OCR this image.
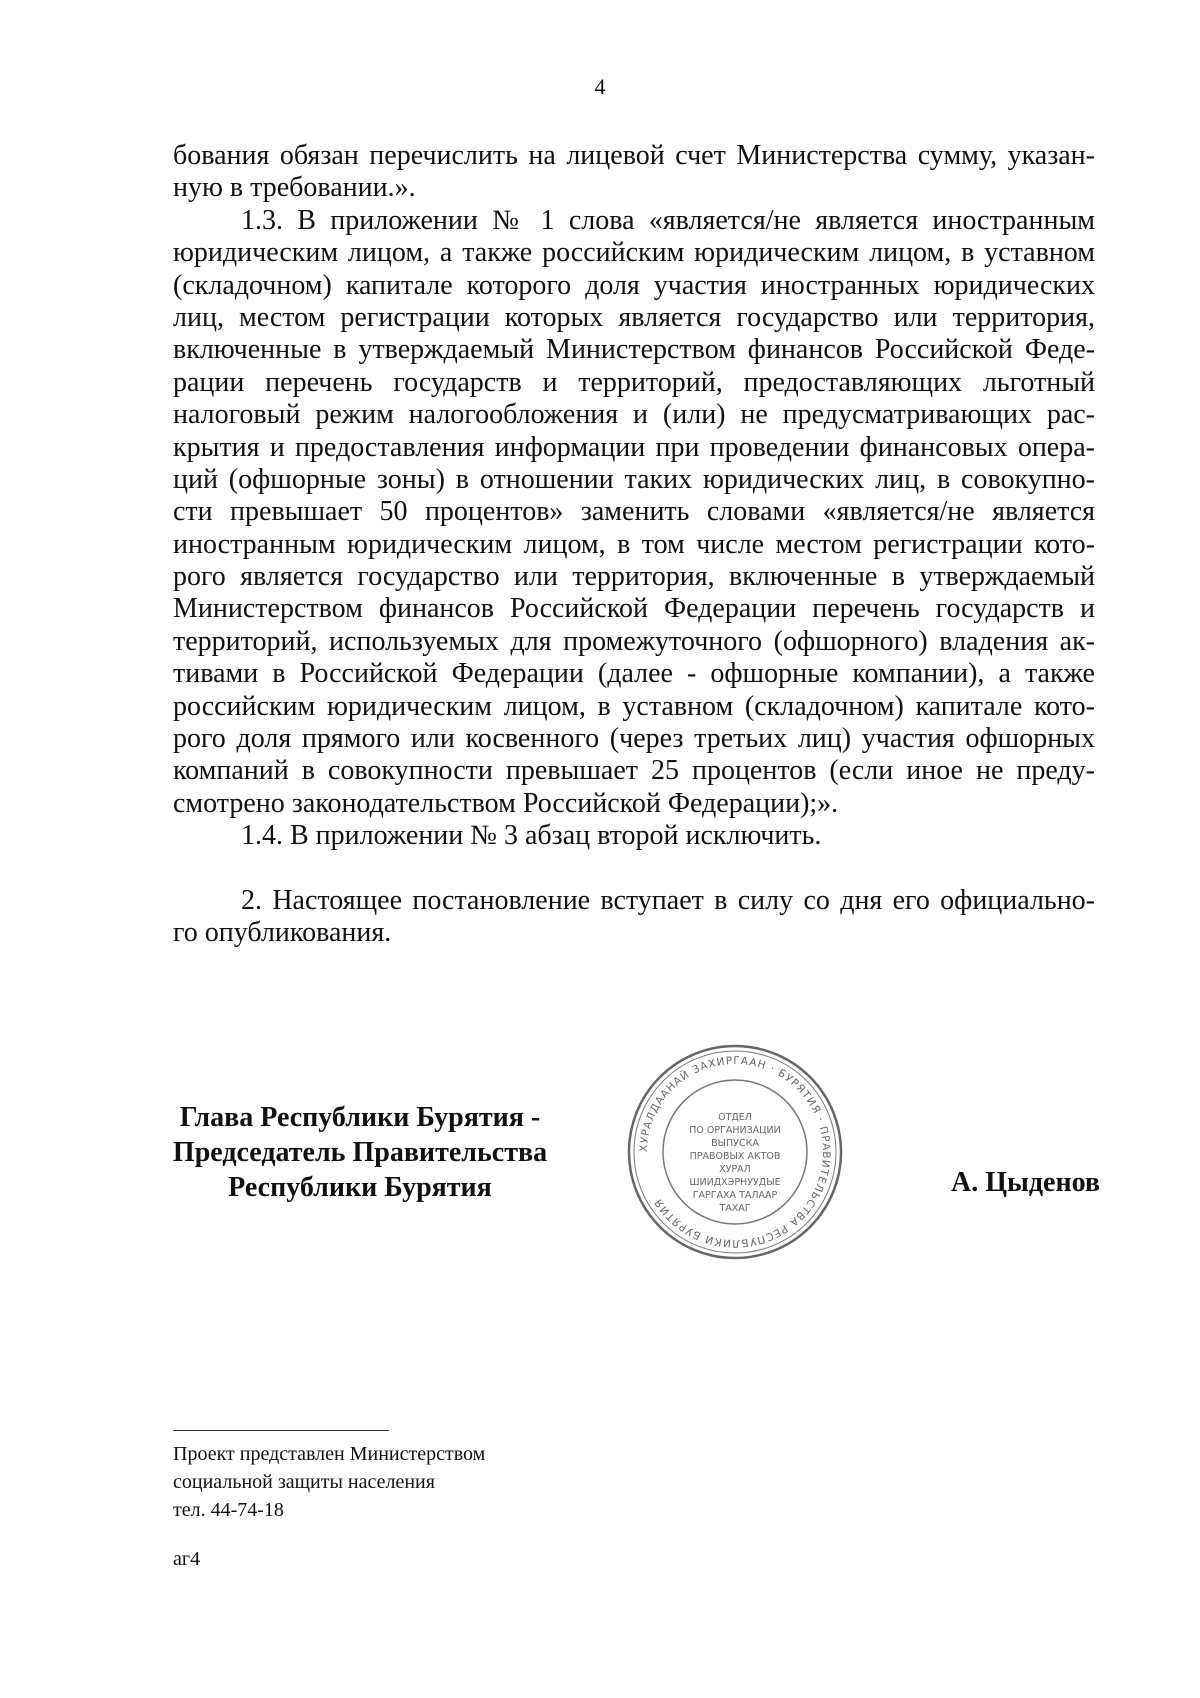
4
бования обязан перечислить на лицевой счет Министерства сумму, указан-
ную в требовании.».
1.3. В приложении № 1 слова «является/не является иностранным
юридическим лицом, а также российским юридическим лицом, в уставном
(складочном) капитале которого доля участия иностранных юридических
лиц, местом регистрации которых является государство или территория,
включенные в утверждаемый Министерством финансов Российской Феде-
рации перечень государств и территорий, предоставляющих льготный
налоговый режим налогообложения и (или) не предусматривающих рас-
крытия и предоставления информации при проведении финансовых опера-
ций (офшорные зоны) в отношении таких юридических лиц, в совокупно-
сти превышает 50 процентов» заменить словами «является/не является
иностранным юридическим лицом, в том числе местом регистрации кото-
рого является государство или территория, включенные в утверждаемый
Министерством финансов Российской Федерации перечень государств и
территорий, используемых для промежуточного (офшорного) владения ак-
тивами в Российской Федерации (далее - офшорные компании), а также
российским юридическим лицом, в уставном (складочном) капитале кото-
рого доля прямого или косвенного (через третьих лиц) участия офшорных
компаний в совокупности превышает 25 процентов (если иное не преду-
смотрено законодательством Российской Федерации);».
1.4. В приложении № 3 абзац второй исключить.
2. Настоящее постановление вступает в силу со дня его официально-
го опубликования.
Глава Республики Бурятия -
Председатель Правительства
Республики Бурятия
ХУРАЛДААНАЙ ЗАХИРГААН · БУРЯТИЯ · ПРАВИТЕЛЬСТВА РЕСПУБЛИКИ БУРЯТИЯ
ОТДЕЛ
ПО ОРГАНИЗАЦИИ
ВЫПУСКА
ПРАВОВЫХ АКТОВ
ХУРАЛ
ШИИДХЭРНУУДЫЕ
ГАРГАХА ТАЛААР
ТАХАГ
А. Цыденов
Проект представлен Министерством
социальной защиты населения
тел. 44-74-18
аг4
